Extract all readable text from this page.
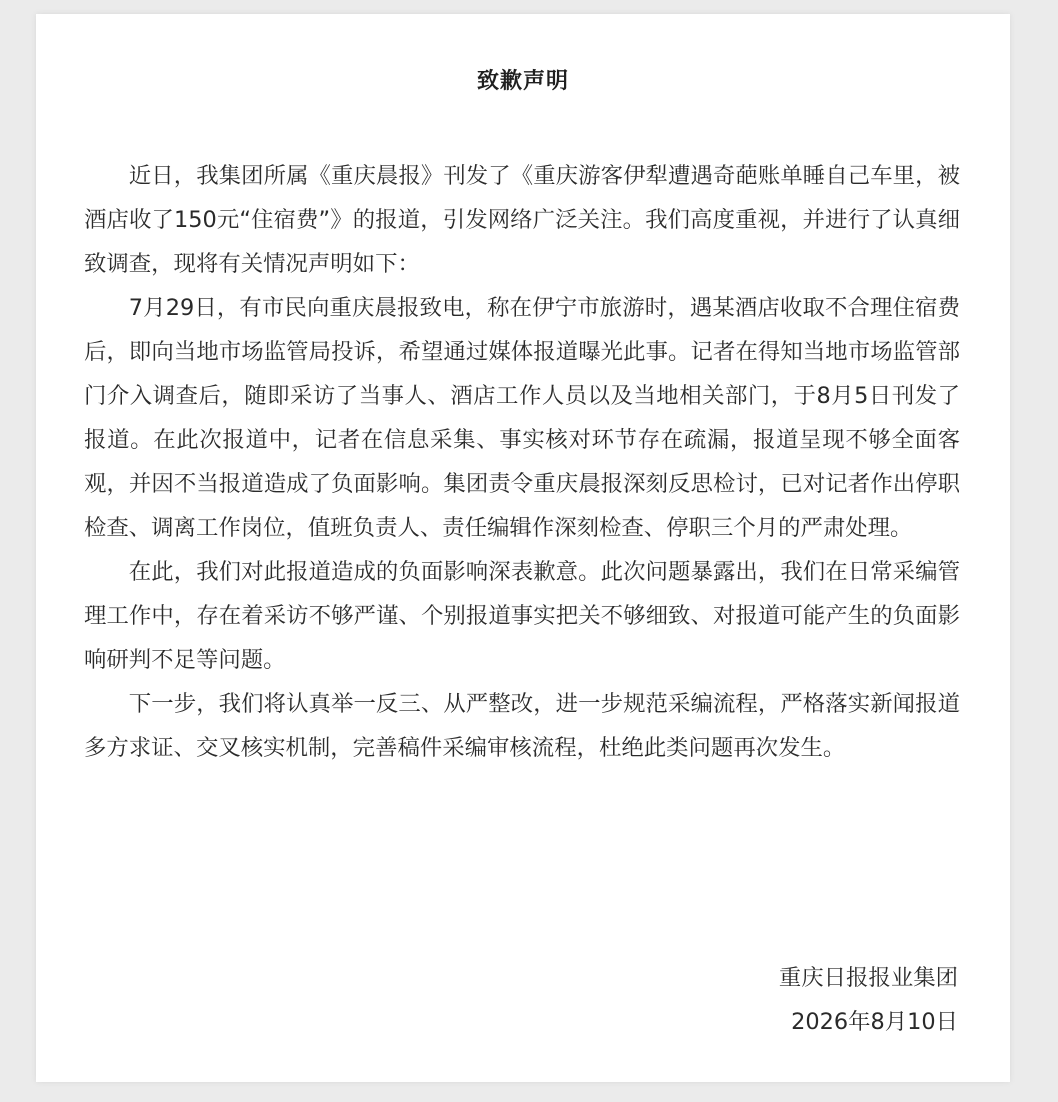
致歉声明

近日，我集团所属《重庆晨报》刊发了《重庆游客伊犁遭遇奇葩账单睡自己车里，被酒店收了150元“住宿费”》的报道，引发网络广泛关注。我们高度重视，并进行了认真细致调查，现将有关情况声明如下：

7月29日，有市民向重庆晨报致电，称在伊宁市旅游时，遇某酒店收取不合理住宿费后，即向当地市场监管局投诉，希望通过媒体报道曝光此事。记者在得知当地市场监管部门介入调查后，随即采访了当事人、酒店工作人员以及当地相关部门，于8月5日刊发了报道。在此次报道中，记者在信息采集、事实核对环节存在疏漏，报道呈现不够全面客观，并因不当报道造成了负面影响。集团责令重庆晨报深刻反思检讨，已对记者作出停职检查、调离工作岗位，值班负责人、责任编辑作深刻检查、停职三个月的严肃处理。

在此，我们对此报道造成的负面影响深表歉意。此次问题暴露出，我们在日常采编管理工作中，存在着采访不够严谨、个别报道事实把关不够细致、对报道可能产生的负面影响研判不足等问题。

下一步，我们将认真举一反三、从严整改，进一步规范采编流程，严格落实新闻报道多方求证、交叉核实机制，完善稿件采编审核流程，杜绝此类问题再次发生。

重庆日报报业集团
2026年8月10日
